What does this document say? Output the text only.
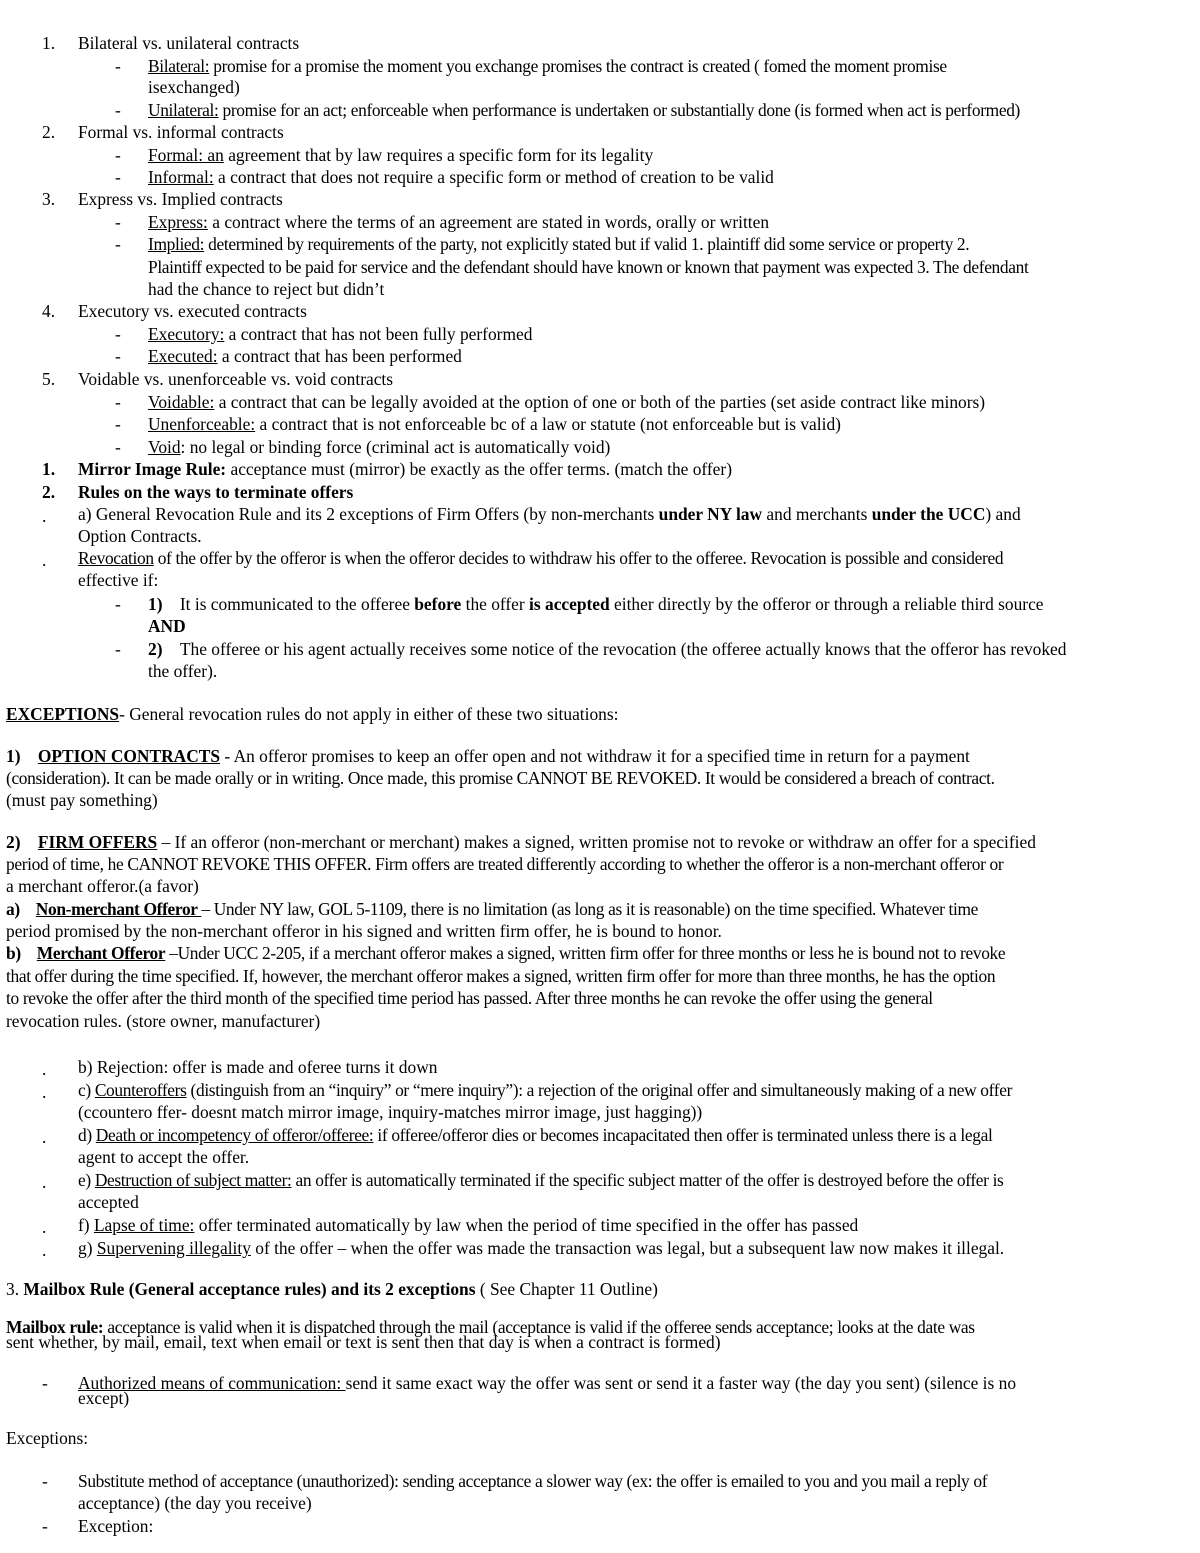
1. Bilateral vs. unilateral contracts
- Bilateral: promise for a promise the moment you exchange promises the contract is created ( fomed the moment promise
isexchanged)
- Unilateral: promise for an act; enforceable when performance is undertaken or substantially done (is formed when act is performed)
2. Formal vs. informal contracts
- Formal: an agreement that by law requires a specific form for its legality
- Informal: a contract that does not require a specific form or method of creation to be valid
3. Express vs. Implied contracts
- Express: a contract where the terms of an agreement are stated in words, orally or written
- Implied: determined by requirements of the party, not explicitly stated but if valid 1. plaintiff did some service or property 2.
Plaintiff expected to be paid for service and the defendant should have known or known that payment was expected 3. The defendant
had the chance to reject but didn’t
4. Executory vs. executed contracts
- Executory: a contract that has not been fully performed
- Executed: a contract that has been performed
5. Voidable vs. unenforceable vs. void contracts
- Voidable: a contract that can be legally avoided at the option of one or both of the parties (set aside contract like minors)
- Unenforceable: a contract that is not enforceable bc of a law or statute (not enforceable but is valid)
- Void: no legal or binding force (criminal act is automatically void)
1. Mirror Image Rule: acceptance must (mirror) be exactly as the offer terms. (match the offer)
2. Rules on the ways to terminate offers
. a) General Revocation Rule and its 2 exceptions of Firm Offers (by non-merchants under NY law and merchants under the UCC) and
Option Contracts.
. Revocation of the offer by the offeror is when the offeror decides to withdraw his offer to the offeree. Revocation is possible and considered
effective if:
- 1) It is communicated to the offeree before the offer is accepted either directly by the offeror or through a reliable third source
AND
- 2) The offeree or his agent actually receives some notice of the revocation (the offeree actually knows that the offeror has revoked
the offer).
EXCEPTIONS- General revocation rules do not apply in either of these two situations:
1) OPTION CONTRACTS - An offeror promises to keep an offer open and not withdraw it for a specified time in return for a payment
(consideration). It can be made orally or in writing. Once made, this promise CANNOT BE REVOKED. It would be considered a breach of contract.
(must pay something)
2) FIRM OFFERS – If an offeror (non-merchant or merchant) makes a signed, written promise not to revoke or withdraw an offer for a specified
period of time, he CANNOT REVOKE THIS OFFER. Firm offers are treated differently according to whether the offeror is a non-merchant offeror or
a merchant offeror.(a favor)
a) Non-merchant Offeror – Under NY law, GOL 5-1109, there is no limitation (as long as it is reasonable) on the time specified. Whatever time
period promised by the non-merchant offeror in his signed and written firm offer, he is bound to honor.
b) Merchant Offeror –Under UCC 2-205, if a merchant offeror makes a signed, written firm offer for three months or less he is bound not to revoke
that offer during the time specified. If, however, the merchant offeror makes a signed, written firm offer for more than three months, he has the option
to revoke the offer after the third month of the specified time period has passed. After three months he can revoke the offer using the general
revocation rules. (store owner, manufacturer)
. b) Rejection: offer is made and oferee turns it down
. c) Counteroffers (distinguish from an “inquiry” or “mere inquiry”): a rejection of the original offer and simultaneously making of a new offer
(ccountero ffer- doesnt match mirror image, inquiry-matches mirror image, just hagging))
. d) Death or incompetency of offeror/offeree: if offeree/offeror dies or becomes incapacitated then offer is terminated unless there is a legal
agent to accept the offer.
. e) Destruction of subject matter: an offer is automatically terminated if the specific subject matter of the offer is destroyed before the offer is
accepted
. f) Lapse of time: offer terminated automatically by law when the period of time specified in the offer has passed
. g) Supervening illegality of the offer – when the offer was made the transaction was legal, but a subsequent law now makes it illegal.
3. Mailbox Rule (General acceptance rules) and its 2 exceptions ( See Chapter 11 Outline)
Mailbox rule: acceptance is valid when it is dispatched through the mail (acceptance is valid if the offeree sends acceptance; looks at the date was
sent whether, by mail, email, text when email or text is sent then that day is when a contract is formed)
- Authorized means of communication: send it same exact way the offer was sent or send it a faster way (the day you sent) (silence is no
except)
Exceptions:
- Substitute method of acceptance (unauthorized): sending acceptance a slower way (ex: the offer is emailed to you and you mail a reply of
acceptance) (the day you receive)
- Exception:
